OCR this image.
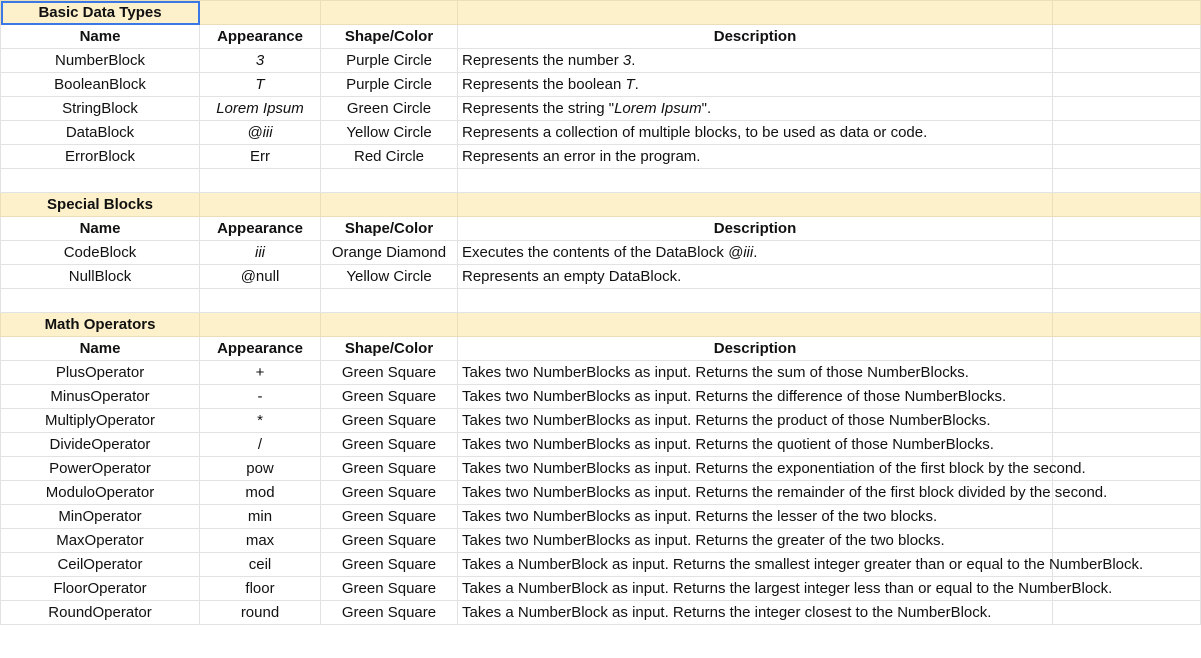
Basic Data Types				
Name	Appearance	Shape/Color	Description	
NumberBlock	3	Purple Circle	Represents the number 3.	
BooleanBlock	T	Purple Circle	Represents the boolean T.	
StringBlock	Lorem Ipsum	Green Circle	Represents the string "Lorem Ipsum".	
DataBlock	@iii	Yellow Circle	Represents a collection of multiple blocks, to be used as data or code.	
ErrorBlock	Err	Red Circle	Represents an error in the program.	

Special Blocks				
Name	Appearance	Shape/Color	Description	
CodeBlock	iii	Orange Diamond	Executes the contents of the DataBlock @iii.	
NullBlock	@null	Yellow Circle	Represents an empty DataBlock.	

Math Operators				
Name	Appearance	Shape/Color	Description	
PlusOperator	+	Green Square	Takes two NumberBlocks as input. Returns the sum of those NumberBlocks.	
MinusOperator	-	Green Square	Takes two NumberBlocks as input. Returns the difference of those NumberBlocks.	
MultiplyOperator	*	Green Square	Takes two NumberBlocks as input. Returns the product of those NumberBlocks.	
DivideOperator	/	Green Square	Takes two NumberBlocks as input. Returns the quotient of those NumberBlocks.	
PowerOperator	pow	Green Square	Takes two NumberBlocks as input. Returns the exponentiation of the first block by the second.	
ModuloOperator	mod	Green Square	Takes two NumberBlocks as input. Returns the remainder of the first block divided by the second.	
MinOperator	min	Green Square	Takes two NumberBlocks as input. Returns the lesser of the two blocks.	
MaxOperator	max	Green Square	Takes two NumberBlocks as input. Returns the greater of the two blocks.	
CeilOperator	ceil	Green Square	Takes a NumberBlock as input. Returns the smallest integer greater than or equal to the NumberBlock.	
FloorOperator	floor	Green Square	Takes a NumberBlock as input. Returns the largest integer less than or equal to the NumberBlock.	
RoundOperator	round	Green Square	Takes a NumberBlock as input. Returns the integer closest to the NumberBlock.	
